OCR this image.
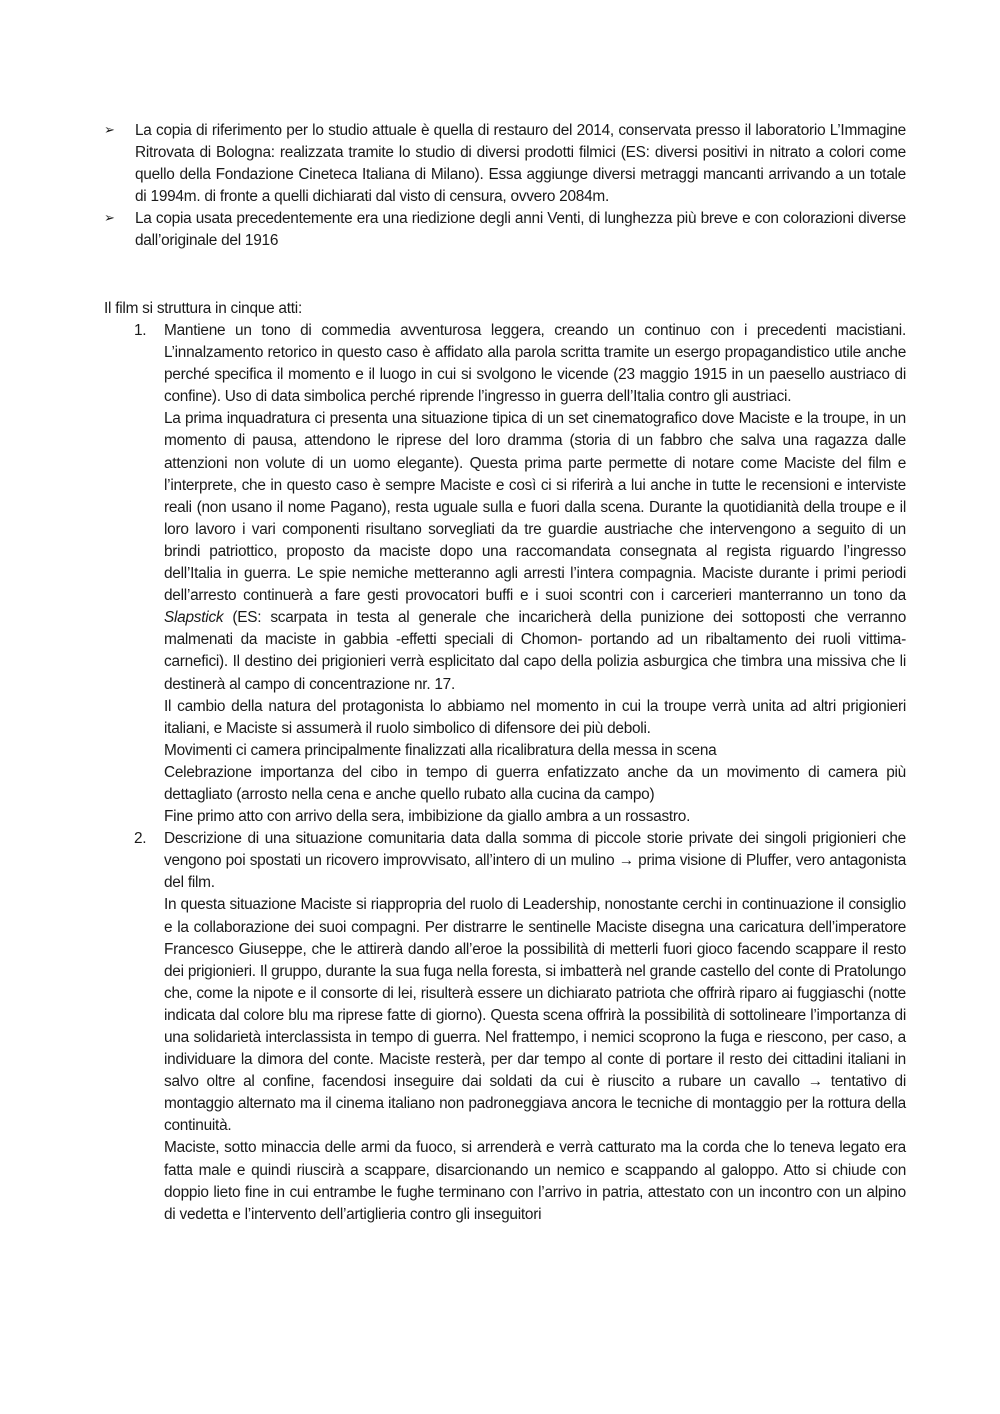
➢ La copia di riferimento per lo studio attuale è quella di restauro del 2014, conservata presso il laboratorio L’Immagine Ritrovata di Bologna: realizzata tramite lo studio di diversi prodotti filmici (ES: diversi positivi in nitrato a colori come quello della Fondazione Cineteca Italiana di Milano). Essa aggiunge diversi metraggi mancanti arrivando a un totale di 1994m. di fronte a quelli dichiarati dal visto di censura, ovvero 2084m.
➢ La copia usata precedentemente era una riedizione degli anni Venti, di lunghezza più breve e con colorazioni diverse dall’originale del 1916

Il film si struttura in cinque atti:

1. Mantiene un tono di commedia avventurosa leggera, creando un continuo con i precedenti macistiani. L’innalzamento retorico in questo caso è affidato alla parola scritta tramite un esergo propagandistico utile anche perché specifica il momento e il luogo in cui si svolgono le vicende (23 maggio 1915 in un paesello austriaco di confine). Uso di data simbolica perché riprende l’ingresso in guerra dell’Italia contro gli austriaci.

La prima inquadratura ci presenta una situazione tipica di un set cinematografico dove Maciste e la troupe, in un momento di pausa, attendono le riprese del loro dramma (storia di un fabbro che salva una ragazza dalle attenzioni non volute di un uomo elegante). Questa prima parte permette di notare come Maciste del film e l’interprete, che in questo caso è sempre Maciste e così ci si riferirà a lui anche in tutte le recensioni e interviste reali (non usano il nome Pagano), resta uguale sulla e fuori dalla scena. Durante la quotidianità della troupe e il loro lavoro i vari componenti risultano sorvegliati da tre guardie austriache che intervengono a seguito di un brindi patriottico, proposto da maciste dopo una raccomandata consegnata al regista riguardo l’ingresso dell’Italia in guerra. Le spie nemiche metteranno agli arresti l’intera compagnia. Maciste durante i primi periodi dell’arresto continuerà a fare gesti provocatori buffi e i suoi scontri con i carcerieri manterranno un tono da Slapstick (ES: scarpata in testa al generale che incaricherà della punizione dei sottoposti che verranno malmenati da maciste in gabbia -effetti speciali di Chomon- portando ad un ribaltamento dei ruoli vittima-carnefici). Il destino dei prigionieri verrà esplicitato dal capo della polizia asburgica che timbra una missiva che li destinerà al campo di concentrazione nr. 17.

Il cambio della natura del protagonista lo abbiamo nel momento in cui la troupe verrà unita ad altri prigionieri italiani, e Maciste si assumerà il ruolo simbolico di difensore dei più deboli.

Movimenti ci camera principalmente finalizzati alla ricalibratura della messa in scena

Celebrazione importanza del cibo in tempo di guerra enfatizzato anche da un movimento di camera più dettagliato (arrosto nella cena e anche quello rubato alla cucina da campo)

Fine primo atto con arrivo della sera, imbibizione da giallo ambra a un rossastro.

2. Descrizione di una situazione comunitaria data dalla somma di piccole storie private dei singoli prigionieri che vengono poi spostati un ricovero improvvisato, all’intero di un mulino → prima visione di Pluffer, vero antagonista del film.

In questa situazione Maciste si riappropria del ruolo di Leadership, nonostante cerchi in continuazione il consiglio e la collaborazione dei suoi compagni. Per distrarre le sentinelle Maciste disegna una caricatura dell’imperatore Francesco Giuseppe, che le attirerà dando all’eroe la possibilità di metterli fuori gioco facendo scappare il resto dei prigionieri. Il gruppo, durante la sua fuga nella foresta, si imbatterà nel grande castello del conte di Pratolungo che, come la nipote e il consorte di lei, risulterà essere un dichiarato patriota che offrirà riparo ai fuggiaschi (notte indicata dal colore blu ma riprese fatte di giorno). Questa scena offrirà la possibilità di sottolineare l’importanza di una solidarietà interclassista in tempo di guerra. Nel frattempo, i nemici scoprono la fuga e riescono, per caso, a individuare la dimora del conte. Maciste resterà, per dar tempo al conte di portare il resto dei cittadini italiani in salvo oltre al confine, facendosi inseguire dai soldati da cui è riuscito a rubare un cavallo → tentativo di montaggio alternato ma il cinema italiano non padroneggiava ancora le tecniche di montaggio per la rottura della continuità.

Maciste, sotto minaccia delle armi da fuoco, si arrenderà e verrà catturato ma la corda che lo teneva legato era fatta male e quindi riuscirà a scappare, disarcionando un nemico e scappando al galoppo. Atto si chiude con doppio lieto fine in cui entrambe le fughe terminano con l’arrivo in patria, attestato con un incontro con un alpino di vedetta e l’intervento dell’artiglieria contro gli inseguitori
